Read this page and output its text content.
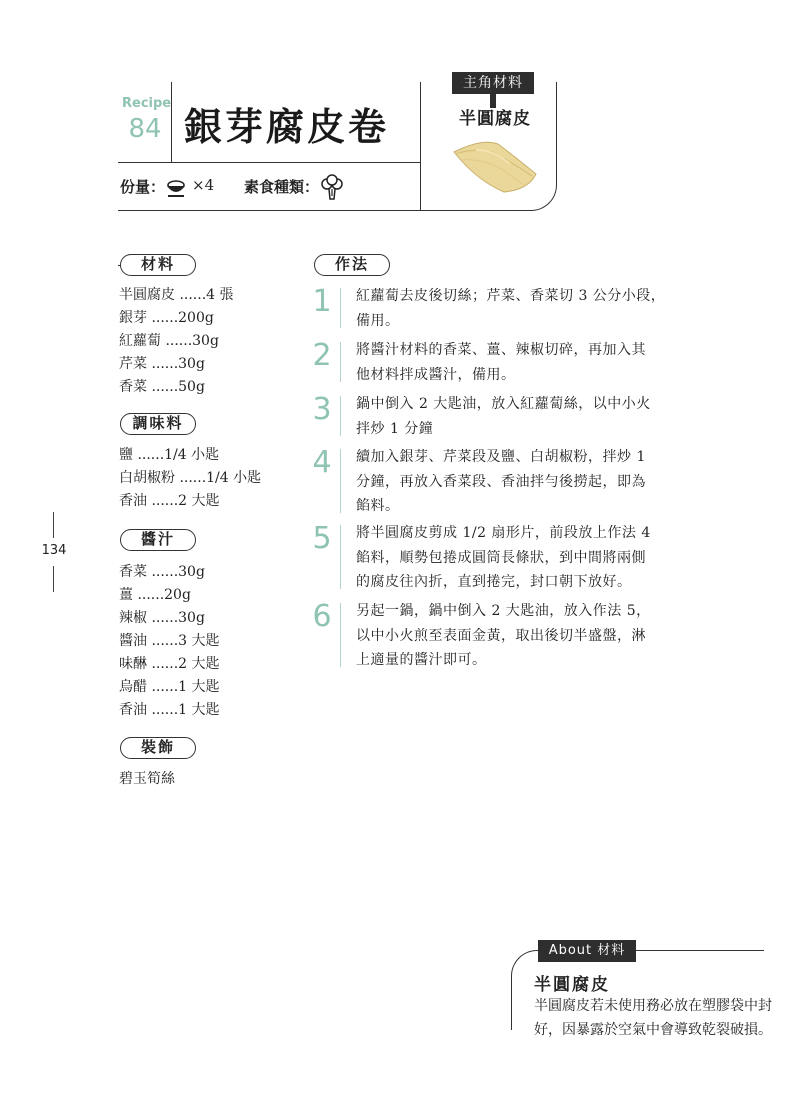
Recipe
84 銀芽腐皮卷
份量： ×4 素食種類：
主角材料
半圓腐皮
材料
半圓腐皮 ......4 張
銀芽 ......200g
紅蘿蔔 ......30g
芹菜 ......30g
香菜 ......50g
調味料
鹽 ......1/4 小匙
白胡椒粉 ......1/4 小匙
香油 ......2 大匙
醬汁
香菜 ......30g
薑 ......20g
辣椒 ......30g
醬油 ......3 大匙
味醂 ......2 大匙
烏醋 ......1 大匙
香油 ......1 大匙
裝飾
碧玉筍絲
作法
1 紅蘿蔔去皮後切絲；芹菜、香菜切 3 公分小段，
備用。
2 將醬汁材料的香菜、薑、辣椒切碎，再加入其
他材料拌成醬汁，備用。
3 鍋中倒入 2 大匙油，放入紅蘿蔔絲，以中小火
拌炒 1 分鐘
4 續加入銀芽、芹菜段及鹽、白胡椒粉，拌炒 1
分鐘，再放入香菜段、香油拌勻後撈起，即為
餡料。
5 將半圓腐皮剪成 1/2 扇形片，前段放上作法 4
餡料，順勢包捲成圓筒長條狀，到中間將兩側
的腐皮往內折，直到捲完，封口朝下放好。
6 另起一鍋，鍋中倒入 2 大匙油，放入作法 5，
以中小火煎至表面金黃，取出後切半盛盤，淋
上適量的醬汁即可。
134
About 材料
半圓腐皮
半圓腐皮若未使用務必放在塑膠袋中封
好，因暴露於空氣中會導致乾裂破損。
